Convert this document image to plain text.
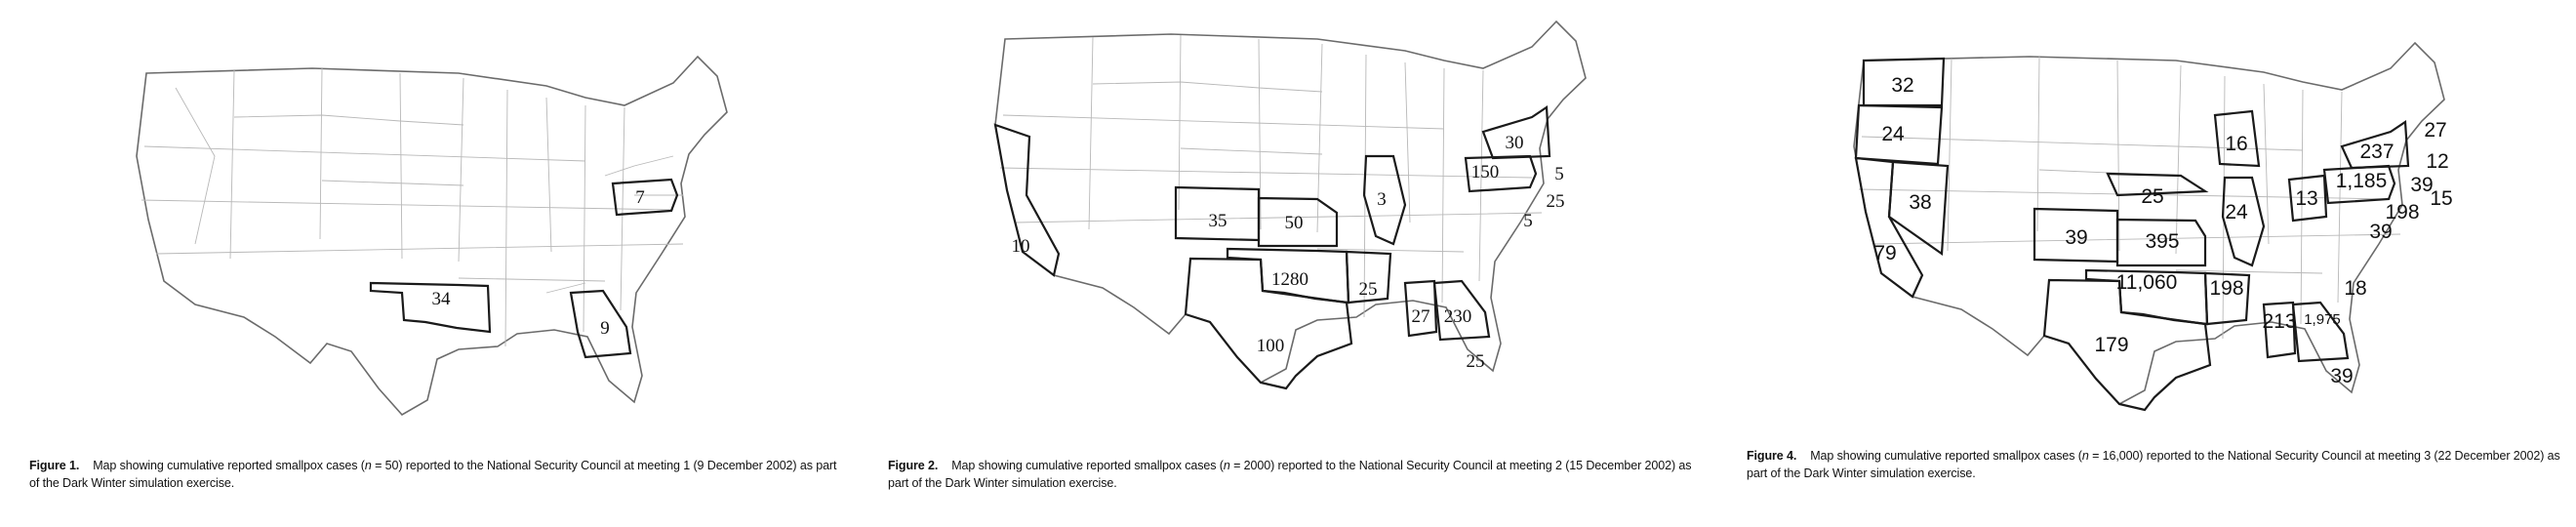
7
34
9
Figure 1. Map showing cumulative reported smallpox cases (n = 50) reported to the National Security Council at meeting 1 (9 December 2002) as part of the Dark Winter simulation exercise.
10
35	50
1280
100
25
3
30
150	5
5
25
27 230
25
Figure 2. Map showing cumulative reported smallpox cases (n = 2000) reported to the National Security Council at meeting 2 (15 December 2002) as part of the Dark Winter simulation exercise.
32
24
79
38
39
25
395
11,060
179
198
16
24
13
1,185
237
27
12
39
15
198
39
18
213 1,975
39
Figure 4. Map showing cumulative reported smallpox cases (n = 16,000) reported to the National Security Council at meeting 3 (22 December 2002) as part of the Dark Winter simulation exercise.
